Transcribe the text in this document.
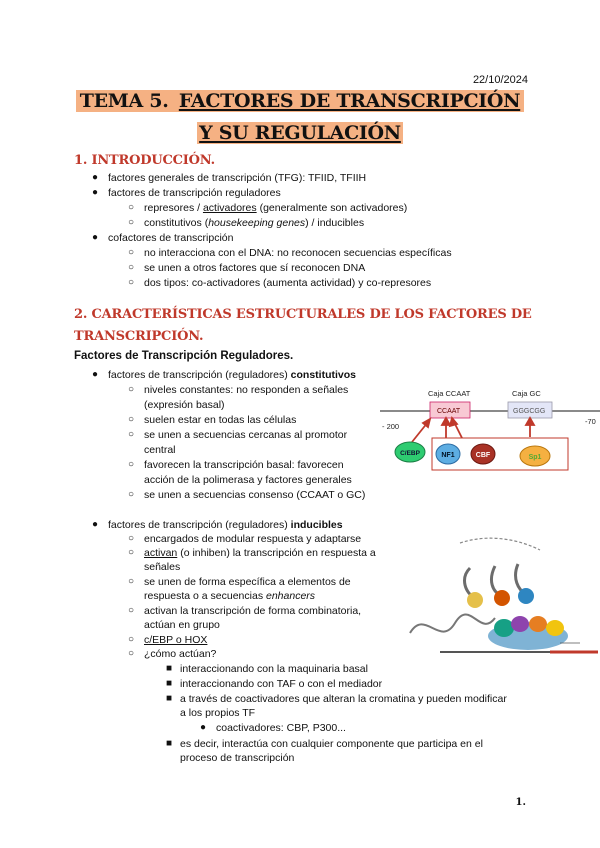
22/10/2024
TEMA 5. FACTORES DE TRANSCRIPCIÓN
Y SU REGULACIÓN
1. INTRODUCCIÓN.
● factores generales de transcripción (TFG): TFIID, TFIIH
● factores de transcripción reguladores
○ represores / activadores (generalmente son activadores)
○ constitutivos (housekeeping genes) / inducibles
● cofactores de transcripción
○ no interacciona con el DNA: no reconocen secuencias específicas
○ se unen a otros factores que sí reconocen DNA
○ dos tipos: co-activadores (aumenta actividad) y co-represores
2. CARACTERÍSTICAS ESTRUCTURALES DE LOS FACTORES DE
TRANSCRIPCIÓN.
Factores de Transcripción Reguladores.
● factores de transcripción (reguladores) constitutivos
○ niveles constantes: no responden a señales
(expresión basal)
○ suelen estar en todas las células
○ se unen a secuencias cercanas al promotor
central
○ favorecen la transcripción basal: favorecen
acción de la polimerasa y factores generales
○ se unen a secuencias consenso (CCAAT o GC)
Caja CCAAT	Caja GC
CCAAT	GGGCGG
- 200
-70
C/EBP	NF1	CBF	Sp1
● factores de transcripción (reguladores) inducibles
○ encargados de modular respuesta y adaptarse
○ activan (o inhiben) la transcripción en respuesta a
señales
○ se unen de forma específica a elementos de
respuesta o a secuencias enhancers
○ activan la transcripción de forma combinatoria,
actúan en grupo
○ c/EBP o HOX
○ ¿cómo actúan?
■ interaccionando con la maquinaria basal
■ interaccionando con TAF o con el mediador
■ a través de coactivadores que alteran la cromatina y pueden modificar
a los propios TF
● coactivadores: CBP, P300...
■ es decir, interactúa con cualquier componente que participa en el
proceso de transcripción
1.
